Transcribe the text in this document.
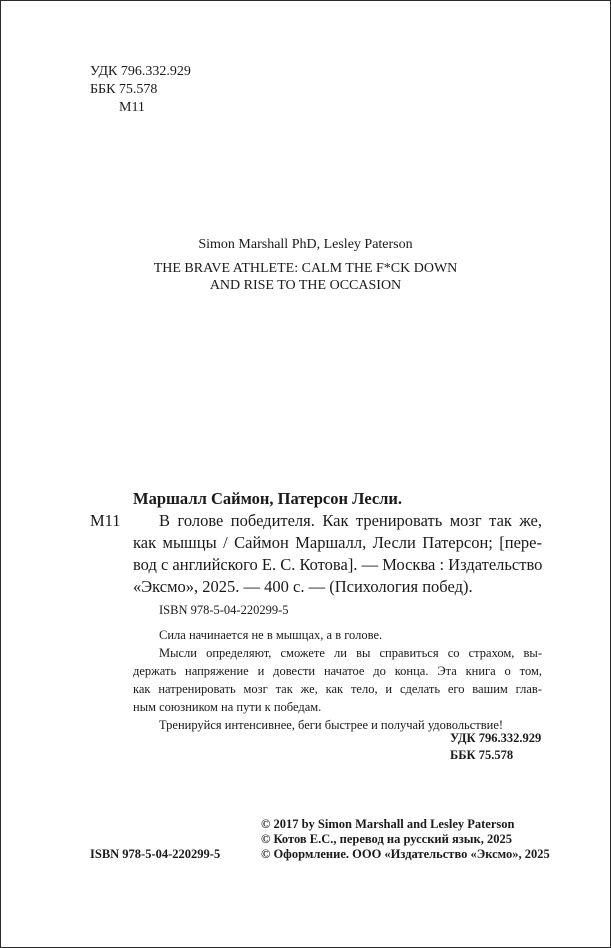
УДК 796.332.929
ББК 75.578
М11
Simon Marshall PhD, Lesley Paterson
THE BRAVE ATHLETE: CALM THE F*CK DOWN
AND RISE TO THE OCCASION
Маршалл Саймон, Патерсон Лесли.
М11 В голове победителя. Как тренировать мозг так же,
как мышцы / Саймон Маршалл, Лесли Патерсон; [пере-
вод с английского Е. С. Котова]. — Москва : Издательство
«Эксмо», 2025. — 400 с. — (Психология побед).
ISBN 978-5-04-220299-5
Сила начинается не в мышцах, а в голове.
Мысли определяют, сможете ли вы справиться со страхом, вы-
держать напряжение и довести начатое до конца. Эта книга о том,
как натренировать мозг так же, как тело, и сделать его вашим глав-
ным союзником на пути к победам.
Тренируйся интенсивнее, беги быстрее и получай удовольствие!
УДК 796.332.929
ББК 75.578
ISBN 978-5-04-220299-5
© 2017 by Simon Marshall and Lesley Paterson
© Котов Е.С., перевод на русский язык, 2025
© Оформление. ООО «Издательство «Эксмо», 2025
